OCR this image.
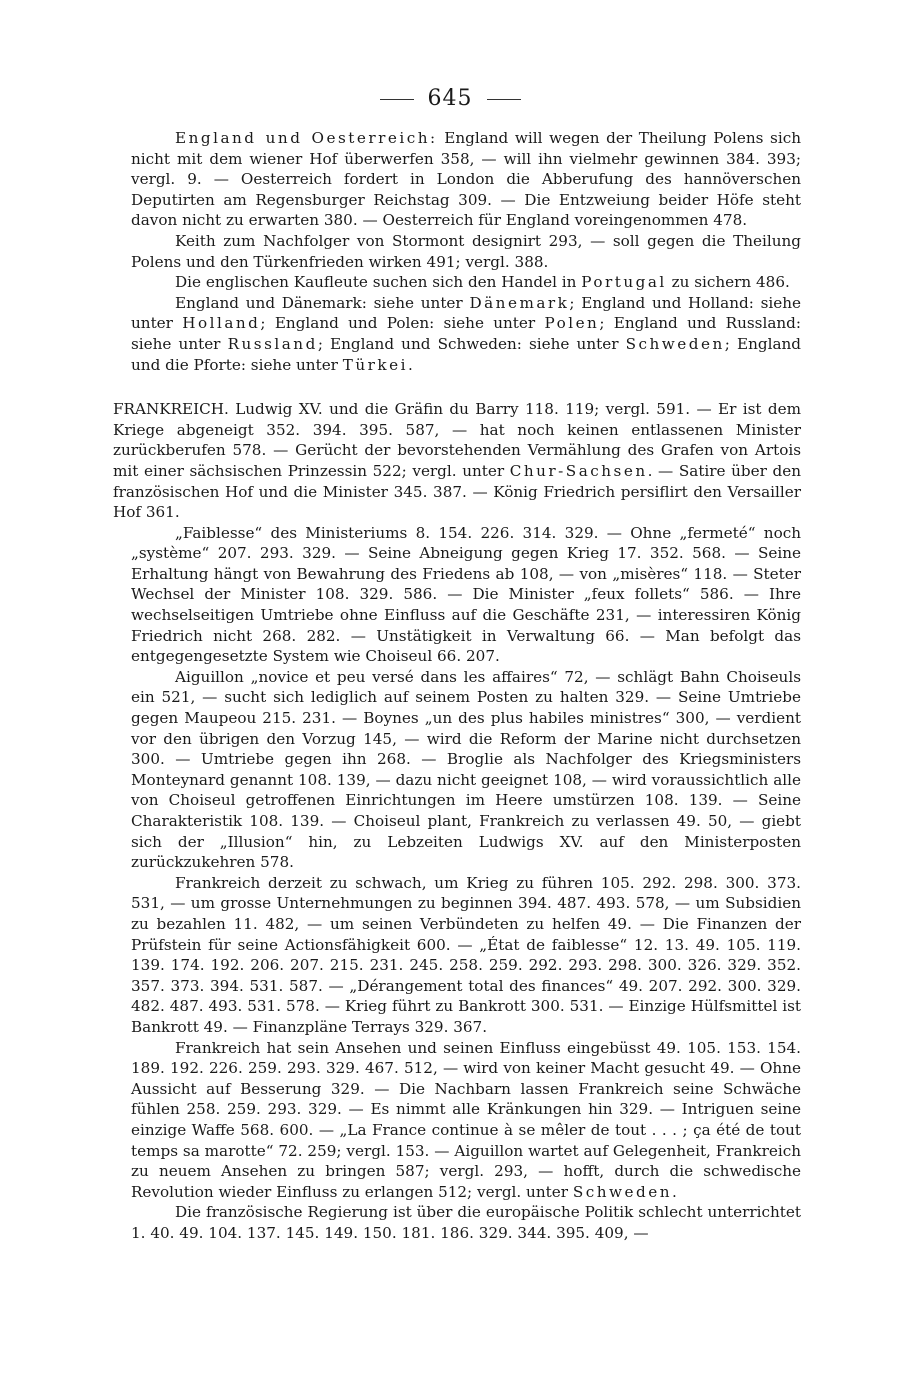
645

England und Oesterreich: England will wegen der Theilung Polens sich nicht mit dem wiener Hof überwerfen 358, — will ihn vielmehr gewinnen 384. 393; vergl. 9. — Oesterreich fordert in London die Abberufung des hannöverschen Deputirten am Regensburger Reichstag 309. — Die Entzweiung beider Höfe steht davon nicht zu erwarten 380. — Oesterreich für England voreingenommen 478.

Keith zum Nachfolger von Stormont designirt 293, — soll gegen die Theilung Polens und den Türkenfrieden wirken 491; vergl. 388.

Die englischen Kaufleute suchen sich den Handel in Portugal zu sichern 486.

England und Dänemark: siehe unter Dänemark; England und Holland: siehe unter Holland; England und Polen: siehe unter Polen; England und Russland: siehe unter Russland; England und Schweden: siehe unter Schweden; England und die Pforte: siehe unter Türkei.

FRANKREICH. Ludwig XV. und die Gräfin du Barry 118. 119; vergl. 591. — Er ist dem Kriege abgeneigt 352. 394. 395. 587, — hat noch keinen entlassenen Minister zurückberufen 578. — Gerücht der bevorstehenden Vermählung des Grafen von Artois mit einer sächsischen Prinzessin 522; vergl. unter Chur-Sachsen. — Satire über den französischen Hof und die Minister 345. 387. — König Friedrich persiflirt den Versailler Hof 361.

„Faiblesse“ des Ministeriums 8. 154. 226. 314. 329. — Ohne „fermeté“ noch „système“ 207. 293. 329. — Seine Abneigung gegen Krieg 17. 352. 568. — Seine Erhaltung hängt von Bewahrung des Friedens ab 108, — von „misères“ 118. — Steter Wechsel der Minister 108. 329. 586. — Die Minister „feux follets“ 586. — Ihre wechselseitigen Umtriebe ohne Einfluss auf die Geschäfte 231, — interessiren König Friedrich nicht 268. 282. — Unstätigkeit in Verwaltung 66. — Man befolgt das entgegengesetzte System wie Choiseul 66. 207.

Aiguillon „novice et peu versé dans les affaires“ 72, — schlägt Bahn Choiseuls ein 521, — sucht sich lediglich auf seinem Posten zu halten 329. — Seine Umtriebe gegen Maupeou 215. 231. — Boynes „un des plus habiles ministres“ 300, — verdient vor den übrigen den Vorzug 145, — wird die Reform der Marine nicht durchsetzen 300. — Umtriebe gegen ihn 268. — Broglie als Nachfolger des Kriegsministers Monteynard genannt 108. 139, — dazu nicht geeignet 108, — wird voraussichtlich alle von Choiseul getroffenen Einrichtungen im Heere umstürzen 108. 139. — Seine Charakteristik 108. 139. — Choiseul plant, Frankreich zu verlassen 49. 50, — giebt sich der „Illusion“ hin, zu Lebzeiten Ludwigs XV. auf den Ministerposten zurückzukehren 578.

Frankreich derzeit zu schwach, um Krieg zu führen 105. 292. 298. 300. 373. 531, — um grosse Unternehmungen zu beginnen 394. 487. 493. 578, — um Subsidien zu bezahlen 11. 482, — um seinen Verbündeten zu helfen 49. — Die Finanzen der Prüfstein für seine Actionsfähigkeit 600. — „État de faiblesse“ 12. 13. 49. 105. 119. 139. 174. 192. 206. 207. 215. 231. 245. 258. 259. 292. 293. 298. 300. 326. 329. 352. 357. 373. 394. 531. 587. — „Dérangement total des finances“ 49. 207. 292. 300. 329. 482. 487. 493. 531. 578. — Krieg führt zu Bankrott 300. 531. — Einzige Hülfsmittel ist Bankrott 49. — Finanzpläne Terrays 329. 367.

Frankreich hat sein Ansehen und seinen Einfluss eingebüsst 49. 105. 153. 154. 189. 192. 226. 259. 293. 329. 467. 512, — wird von keiner Macht gesucht 49. — Ohne Aussicht auf Besserung 329. — Die Nachbarn lassen Frankreich seine Schwäche fühlen 258. 259. 293. 329. — Es nimmt alle Kränkungen hin 329. — Intriguen seine einzige Waffe 568. 600. — „La France continue à se mêler de tout . . . ; ça été de tout temps sa marotte“ 72. 259; vergl. 153. — Aiguillon wartet auf Gelegenheit, Frankreich zu neuem Ansehen zu bringen 587; vergl. 293, — hofft, durch die schwedische Revolution wieder Einfluss zu erlangen 512; vergl. unter Schweden.

Die französische Regierung ist über die europäische Politik schlecht unterrichtet 1. 40. 49. 104. 137. 145. 149. 150. 181. 186. 329. 344. 395. 409, —
